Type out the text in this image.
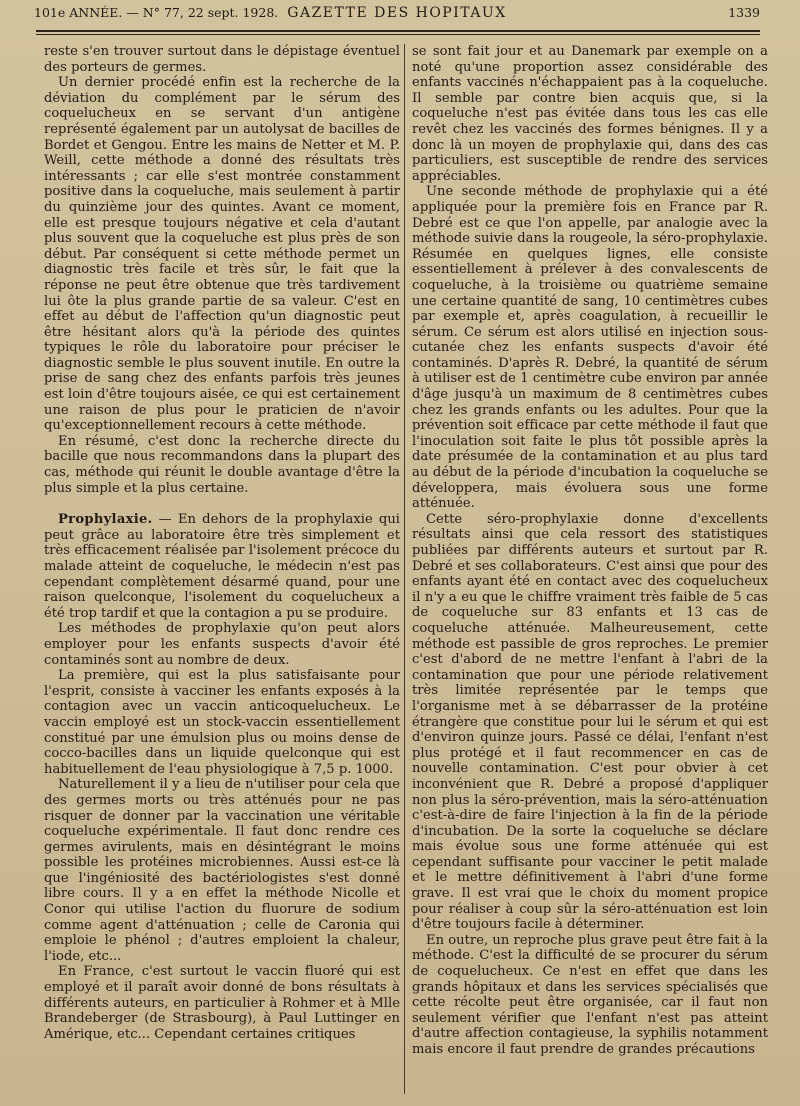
101e ANNÉE. — N° 77, 22 sept. 1928. GAZETTE DES HOPITAUX	1339

reste s'en trouver surtout dans le dépistage éventuel des porteurs de germes.

Un dernier procédé enfin est la recherche de la déviation du complément par le sérum des coquelucheux en se servant d'un antigène représenté également par un autolysat de bacilles de Bordet et Gengou. Entre les mains de Netter et M. P. Weill, cette méthode a donné des résultats très intéressants ; car elle s'est montrée constamment positive dans la coqueluche, mais seulement à partir du quinzième jour des quintes. Avant ce moment, elle est presque toujours négative et cela d'autant plus souvent que la coqueluche est plus près de son début. Par conséquent si cette méthode permet un diagnostic très facile et très sûr, le fait que la réponse ne peut être obtenue que très tardivement lui ôte la plus grande partie de sa valeur. C'est en effet au début de l'affection qu'un diagnostic peut être hésitant alors qu'à la période des quintes typiques le rôle du laboratoire pour préciser le diagnostic semble le plus souvent inutile. En outre la prise de sang chez des enfants parfois très jeunes est loin d'être toujours aisée, ce qui est certainement une raison de plus pour le praticien de n'avoir qu'exceptionnellement recours à cette méthode.

En résumé, c'est donc la recherche directe du bacille que nous recommandons dans la plupart des cas, méthode qui réunit le double avantage d'être la plus simple et la plus certaine.

Prophylaxie. — En dehors de la prophylaxie qui peut grâce au laboratoire être très simplement et très efficacement réalisée par l'isolement précoce du malade atteint de coqueluche, le médecin n'est pas cependant complètement désarmé quand, pour une raison quelconque, l'isolement du coquelucheux a été trop tardif et que la contagion a pu se produire.

Les méthodes de prophylaxie qu'on peut alors employer pour les enfants suspects d'avoir été contaminés sont au nombre de deux.

La première, qui est la plus satisfaisante pour l'esprit, consiste à vacciner les enfants exposés à la contagion avec un vaccin anticoquelucheux. Le vaccin employé est un stock-vaccin essentiellement constitué par une émulsion plus ou moins dense de cocco-bacilles dans un liquide quelconque qui est habituellement de l'eau physiologique à 7,5 p. 1000.

Naturellement il y a lieu de n'utiliser pour cela que des germes morts ou très atténués pour ne pas risquer de donner par la vaccination une véritable coqueluche expérimentale. Il faut donc rendre ces germes avirulents, mais en désintégrant le moins possible les protéines microbiennes. Aussi est-ce là que l'ingéniosité des bactériologistes s'est donné libre cours. Il y a en effet la méthode Nicolle et Conor qui utilise l'action du fluorure de sodium comme agent d'atténuation ; celle de Caronia qui emploie le phénol ; d'autres emploient la chaleur, l'iode, etc...

En France, c'est surtout le vaccin fluoré qui est employé et il paraît avoir donné de bons résultats à différents auteurs, en particulier à Rohmer et à Mlle Brandeberger (de Strasbourg), à Paul Luttinger en Amérique, etc... Cependant certaines critiques

se sont fait jour et au Danemark par exemple on a noté qu'une proportion assez considérable des enfants vaccinés n'échappaient pas à la coqueluche. Il semble par contre bien acquis que, si la coqueluche n'est pas évitée dans tous les cas elle revêt chez les vaccinés des formes bénignes. Il y a donc là un moyen de prophylaxie qui, dans des cas particuliers, est susceptible de rendre des services appréciables.

Une seconde méthode de prophylaxie qui a été appliquée pour la première fois en France par R. Debré est ce que l'on appelle, par analogie avec la méthode suivie dans la rougeole, la séro-prophylaxie. Résumée en quelques lignes, elle consiste essentiellement à prélever à des convalescents de coqueluche, à la troisième ou quatrième semaine une certaine quantité de sang, 10 centimètres cubes par exemple et, après coagulation, à recueillir le sérum. Ce sérum est alors utilisé en injection sous-cutanée chez les enfants suspects d'avoir été contaminés. D'après R. Debré, la quantité de sérum à utiliser est de 1 centimètre cube environ par année d'âge jusqu'à un maximum de 8 centimètres cubes chez les grands enfants ou les adultes. Pour que la prévention soit efficace par cette méthode il faut que l'inoculation soit faite le plus tôt possible après la date présumée de la contamination et au plus tard au début de la période d'incubation la coqueluche se développera, mais évoluera sous une forme atténuée.

Cette séro-prophylaxie donne d'excellents résultats ainsi que cela ressort des statistiques publiées par différents auteurs et surtout par R. Debré et ses collaborateurs. C'est ainsi que pour des enfants ayant été en contact avec des coquelucheux il n'y a eu que le chiffre vraiment très faible de 5 cas de coqueluche sur 83 enfants et 13 cas de coqueluche atténuée. Malheureusement, cette méthode est passible de gros reproches. Le premier c'est d'abord de ne mettre l'enfant à l'abri de la contamination que pour une période relativement très limitée représentée par le temps que l'organisme met à se débarrasser de la protéine étrangère que constitue pour lui le sérum et qui est d'environ quinze jours. Passé ce délai, l'enfant n'est plus protégé et il faut recommencer en cas de nouvelle contamination. C'est pour obvier à cet inconvénient que R. Debré a proposé d'appliquer non plus la séro-prévention, mais la séro-atténuation c'est-à-dire de faire l'injection à la fin de la période d'incubation. De la sorte la coqueluche se déclare mais évolue sous une forme atténuée qui est cependant suffisante pour vacciner le petit malade et le mettre définitivement à l'abri d'une forme grave. Il est vrai que le choix du moment propice pour réaliser à coup sûr la séro-atténuation est loin d'être toujours facile à déterminer.

En outre, un reproche plus grave peut être fait à la méthode. C'est la difficulté de se procurer du sérum de coquelucheux. Ce n'est en effet que dans les grands hôpitaux et dans les services spécialisés que cette récolte peut être organisée, car il faut non seulement vérifier que l'enfant n'est pas atteint d'autre affection contagieuse, la syphilis notamment mais encore il faut prendre de grandes précautions
